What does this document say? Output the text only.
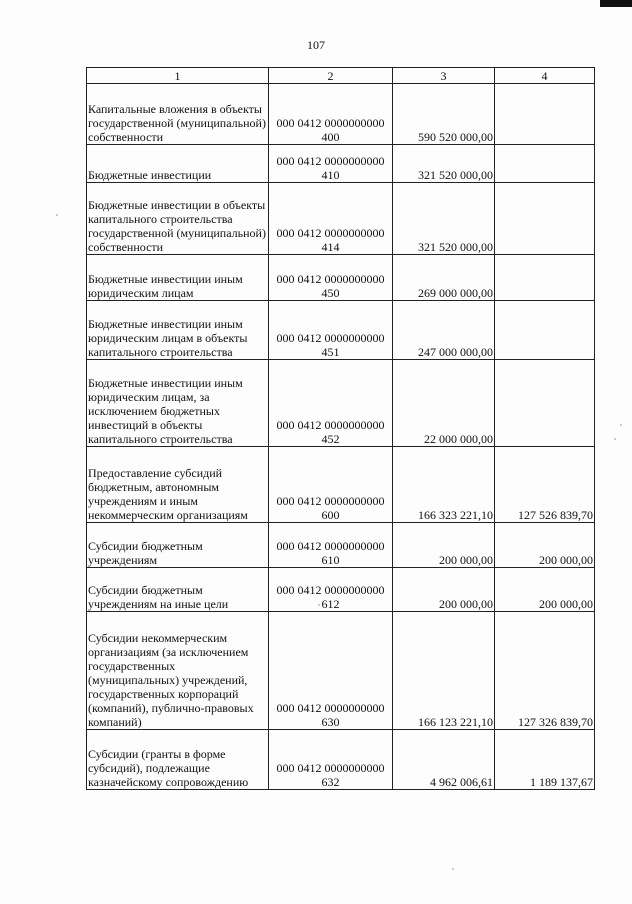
107
1	2	3	4
Капитальные вложения в объекты государственной (муниципальной) собственности	000 0412 0000000000 400	590 520 000,00	
Бюджетные инвестиции	000 0412 0000000000 410	321 520 000,00	
Бюджетные инвестиции в объекты капитального строительства государственной (муниципальной) собственности	000 0412 0000000000 414	321 520 000,00	
Бюджетные инвестиции иным юридическим лицам	000 0412 0000000000 450	269 000 000,00	
Бюджетные инвестиции иным юридическим лицам в объекты капитального строительства	000 0412 0000000000 451	247 000 000,00	
Бюджетные инвестиции иным юридическим лицам, за исключением бюджетных инвестиций в объекты капитального строительства	000 0412 0000000000 452	22 000 000,00	
Предоставление субсидий бюджетным, автономным учреждениям и иным некоммерческим организациям	000 0412 0000000000 600	166 323 221,10	127 526 839,70
Субсидии бюджетным учреждениям	000 0412 0000000000 610	200 000,00	200 000,00
Субсидии бюджетным учреждениям на иные цели	000 0412 0000000000 612	200 000,00	200 000,00
Субсидии некоммерческим организациям (за исключением государственных (муниципальных) учреждений, государственных корпораций (компаний), публично-правовых компаний)	000 0412 0000000000 630	166 123 221,10	127 326 839,70
Субсидии (гранты в форме субсидий), подлежащие казначейскому сопровождению	000 0412 0000000000 632	4 962 006,61	1 189 137,67
